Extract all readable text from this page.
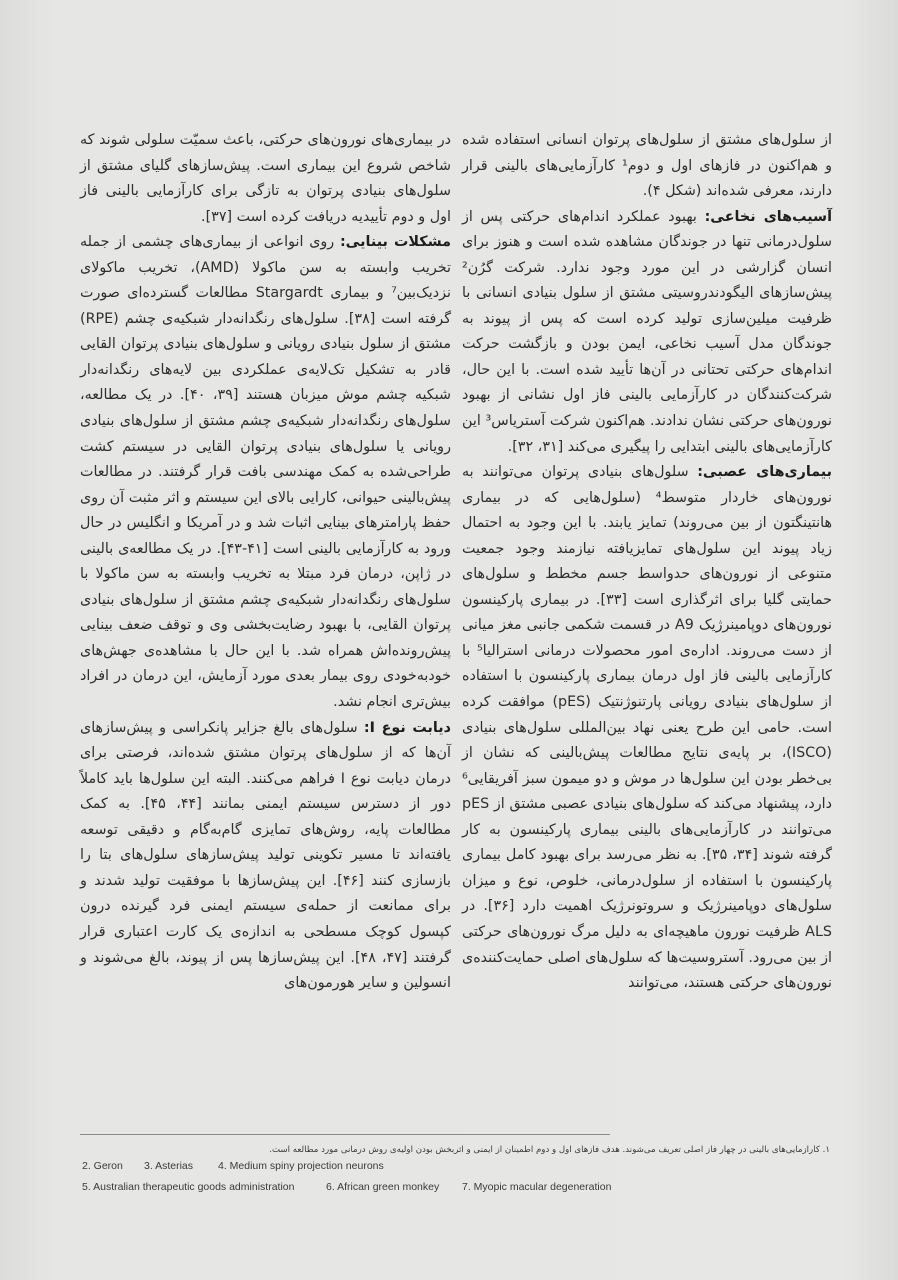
از سلول‌های مشتق از سلول‌های پرتوان انسانی استفاده شده و هم‌اکنون در فازهای اول و دوم¹ کارآزمایی‌های بالینی قرار دارند، معرفی شده‌اند (شکل ۴).

آسیب‌های نخاعی: بهبود عملکرد اندام‌های حرکتی پس از سلول‌درمانی تنها در جوندگان مشاهده شده است و هنوز برای انسان گزارشی در این مورد وجود ندارد. شرکت گرُن² پیش‌سازهای الیگودندروسیتی مشتق از سلول بنیادی انسانی با ظرفیت میلین‌سازی تولید کرده است که پس از پیوند به جوندگان مدل آسیب نخاعی، ایمن بودن و بازگشت حرکت اندام‌های حرکتی تحتانی در آن‌ها تأیید شده است. با این حال، شرکت‌کنندگان در کارآزمایی بالینی فاز اول نشانی از بهبود نورون‌های حرکتی نشان ندادند. هم‌اکنون شرکت آستریاس³ این کارآزمایی‌های بالینی ابتدایی را پیگیری می‌کند [۳۱، ۳۲].

بیماری‌های عصبی: سلول‌های بنیادی پرتوان می‌توانند به نورون‌های خاردار متوسط⁴ (سلول‌هایی که در بیماری هانتینگتون از بین می‌روند) تمایز یابند. با این وجود به احتمال زیاد پیوند این سلول‌های تمایزیافته نیازمند وجود جمعیت متنوعی از نورون‌های حدواسط جسم مخطط و سلول‌های حمایتی گلیا برای اثرگذاری است [۳۳]. در بیماری پارکینسون نورون‌های دوپامینرژیک A9 در قسمت شکمی جانبی مغز میانی از دست می‌روند. اداره‌ی امور محصولات درمانی استرالیا⁵ با کارآزمایی بالینی فاز اول درمان بیماری پارکینسون با استفاده از سلول‌های بنیادی رویانی پارتنوژنتیک (pES) موافقت کرده است. حامی این طرح یعنی نهاد بین‌المللی سلول‌های بنیادی (ISCO)، بر پایه‌ی نتایج مطالعات پیش‌بالینی که نشان از بی‌خطر بودن این سلول‌ها در موش و دو میمون سبز آفریقایی⁶ دارد، پیشنهاد می‌کند که سلول‌های بنیادی عصبی مشتق از pES می‌توانند در کارآزمایی‌های بالینی بیماری پارکینسون به کار گرفته شوند [۳۴، ۳۵]. به نظر می‌رسد برای بهبود کامل بیماری پارکینسون با استفاده از سلول‌درمانی، خلوص، نوع و میزان سلول‌های دوپامینرژیک و سروتونرژیک اهمیت دارد [۳۶]. در ALS ظرفیت نورون ماهیچه‌ای به دلیل مرگ نورون‌های حرکتی از بین می‌رود. آستروسیت‌ها که سلول‌های اصلی حمایت‌کننده‌ی نورون‌های حرکتی هستند، می‌توانند

در بیماری‌های نورون‌های حرکتی، باعث سمیّت سلولی شوند که شاخص شروع این بیماری است. پیش‌سازهای گلیای مشتق از سلول‌های بنیادی پرتوان به تازگی برای کارآزمایی بالینی فاز اول و دوم تأییدیه دریافت کرده است [۳۷].

مشکلات بینایی: روی انواعی از بیماری‌های چشمی از جمله تخریب وابسته به سن ماکولا (AMD)، تخریب ماکولای نزدیک‌بین⁷ و بیماری Stargardt مطالعات گسترده‌ای صورت گرفته است [۳۸]. سلول‌های رنگدانه‌دار شبکیه‌ی چشم (RPE) مشتق از سلول بنیادی رویانی و سلول‌های بنیادی پرتوان القایی قادر به تشکیل تک‌لایه‌ی عملکردی بین لایه‌های رنگدانه‌دار شبکیه چشم موش میزبان هستند [۳۹، ۴۰]. در یک مطالعه، سلول‌های رنگدانه‌دار شبکیه‌ی چشم مشتق از سلول‌های بنیادی رویانی یا سلول‌های بنیادی پرتوان القایی در سیستم کشت طراحی‌شده به کمک مهندسی بافت قرار گرفتند. در مطالعات پیش‌بالینی حیوانی، کارایی بالای این سیستم و اثر مثبت آن روی حفظ پارامترهای بینایی اثبات شد و در آمریکا و انگلیس در حال ورود به کارآزمایی بالینی است [۴۱-۴۳]. در یک مطالعه‌ی بالینی در ژاپن، درمان فرد مبتلا به تخریب وابسته به سن ماکولا با سلول‌های رنگدانه‌دار شبکیه‌ی چشم مشتق از سلول‌های بنیادی پرتوان القایی، با بهبود رضایت‌بخشی وی و توقف ضعف بینایی پیش‌رونده‌اش همراه شد. با این حال با مشاهده‌ی جهش‌های خودبه‌خودی روی بیمار بعدی مورد آزمایش، این درمان در افراد بیش‌تری انجام نشد.

دیابت نوع I: سلول‌های بالغ جزایر پانکراسی و پیش‌سازهای آن‌ها که از سلول‌های پرتوان مشتق شده‌اند، فرصتی برای درمان دیابت نوع I فراهم می‌کنند. البته این سلول‌ها باید کاملاً دور از دسترس سیستم ایمنی بمانند [۴۴، ۴۵]. به کمک مطالعات پایه، روش‌های تمایزی گام‌به‌گام و دقیقی توسعه یافته‌اند تا مسیر تکوینی تولید پیش‌سازهای سلول‌های بتا را بازسازی کنند [۴۶]. این پیش‌سازها با موفقیت تولید شدند و برای ممانعت از حمله‌ی سیستم ایمنی فرد گیرنده درون کپسول کوچک مسطحی به اندازه‌ی یک کارت اعتباری قرار گرفتند [۴۷، ۴۸]. این پیش‌سازها پس از پیوند، بالغ می‌شوند و انسولین و سایر هورمون‌های

۱. کارآزمایی‌های بالینی در چهار فاز اصلی تعریف می‌شوند. هدف فازهای اول و دوم اطمینان از ایمنی و اثربخش بودن اولیه‌ی روش درمانی مورد مطالعه است.
2. Geron 3. Asterias 4. Medium spiny projection neurons
5. Australian therapeutic goods administration	6. African green monkey 7. Myopic macular degeneration
